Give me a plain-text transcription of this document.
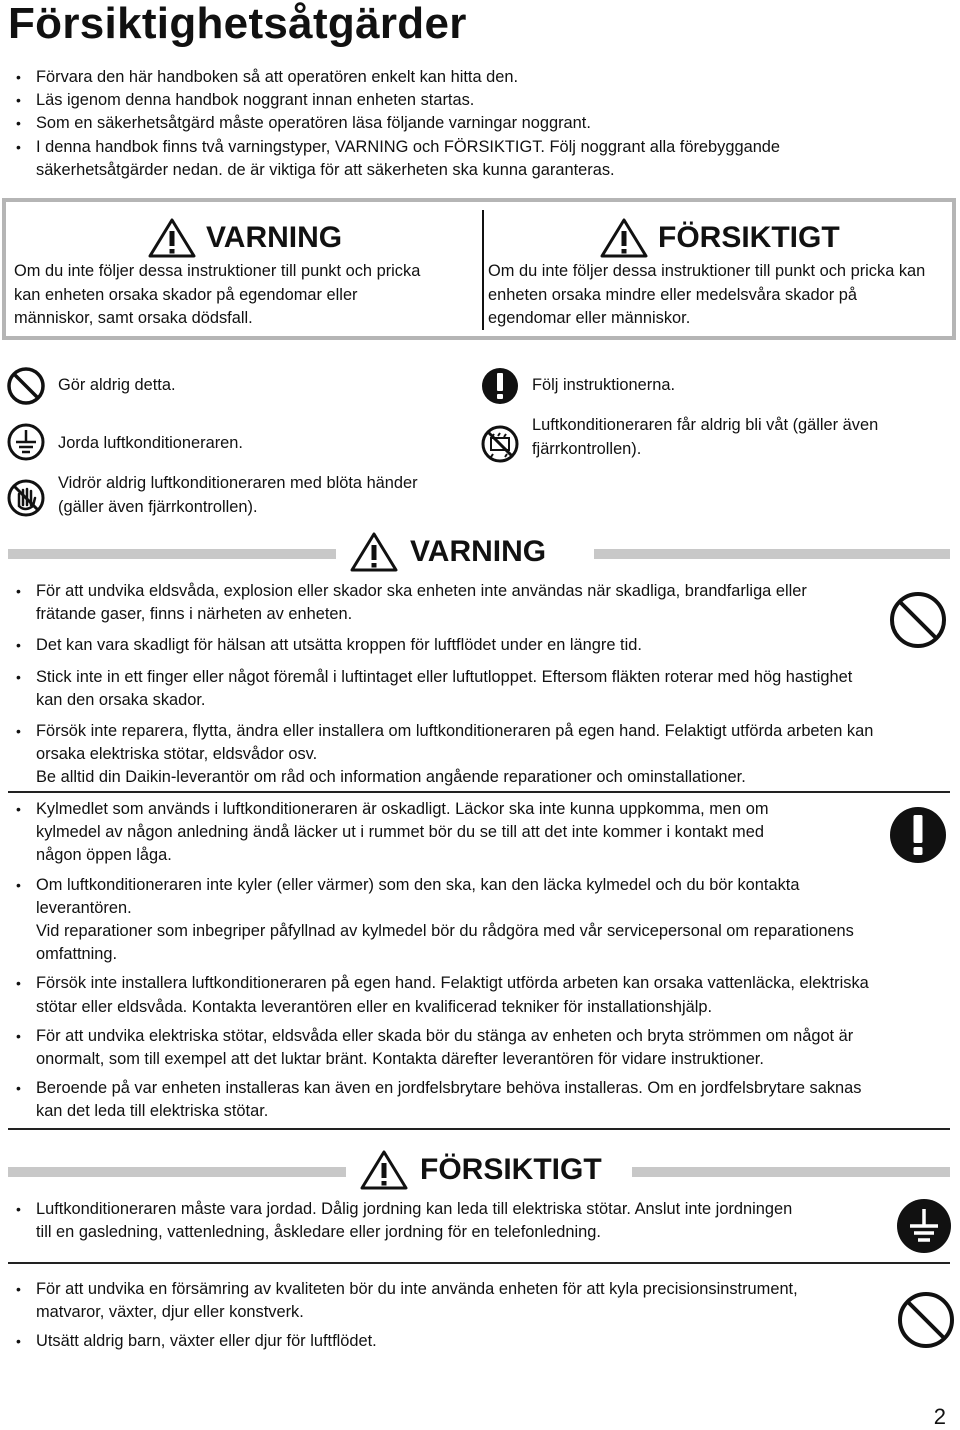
Försiktighetsåtgärder
• Förvara den här handboken så att operatören enkelt kan hitta den.
• Läs igenom denna handbok noggrant innan enheten startas.
• Som en säkerhetsåtgärd måste operatören läsa följande varningar noggrant.
• I denna handbok finns två varningstyper, VARNING och FÖRSIKTIGT. Följ noggrant alla förebyggande
säkerhetsåtgärder nedan. de är viktiga för att säkerheten ska kunna garanteras.
VARNING
Om du inte följer dessa instruktioner till punkt och pricka
kan enheten orsaka skador på egendomar eller
människor, samt orsaka dödsfall.
FÖRSIKTIGT
Om du inte följer dessa instruktioner till punkt och pricka kan
enheten orsaka mindre eller medelsvåra skador på
egendomar eller människor.
Gör aldrig detta.
Jorda luftkonditioneraren.
Vidrör aldrig luftkonditioneraren med blöta händer
(gäller även fjärrkontrollen).
Följ instruktionerna.
Luftkonditioneraren får aldrig bli våt (gäller även
fjärrkontrollen).
VARNING
• För att undvika eldsvåda, explosion eller skador ska enheten inte användas när skadliga, brandfarliga eller
frätande gaser, finns i närheten av enheten.
• Det kan vara skadligt för hälsan att utsätta kroppen för luftflödet under en längre tid.
• Stick inte in ett finger eller något föremål i luftintaget eller luftutloppet. Eftersom fläkten roterar med hög hastighet
kan den orsaka skador.
• Försök inte reparera, flytta, ändra eller installera om luftkonditioneraren på egen hand. Felaktigt utförda arbeten kan
orsaka elektriska stötar, eldsvådor osv.
Be alltid din Daikin-leverantör om råd och information angående reparationer och ominstallationer.
• Kylmedlet som används i luftkonditioneraren är oskadligt. Läckor ska inte kunna uppkomma, men om
kylmedel av någon anledning ändå läcker ut i rummet bör du se till att det inte kommer i kontakt med
någon öppen låga.
• Om luftkonditioneraren inte kyler (eller värmer) som den ska, kan den läcka kylmedel och du bör kontakta
leverantören.
Vid reparationer som inbegriper påfyllnad av kylmedel bör du rådgöra med vår servicepersonal om reparationens
omfattning.
• Försök inte installera luftkonditioneraren på egen hand. Felaktigt utförda arbeten kan orsaka vattenläcka, elektriska
stötar eller eldsvåda. Kontakta leverantören eller en kvalificerad tekniker för installationshjälp.
• För att undvika elektriska stötar, eldsvåda eller skada bör du stänga av enheten och bryta strömmen om något är
onormalt, som till exempel att det luktar bränt. Kontakta därefter leverantören för vidare instruktioner.
• Beroende på var enheten installeras kan även en jordfelsbrytare behöva installeras. Om en jordfelsbrytare saknas
kan det leda till elektriska stötar.
FÖRSIKTIGT
• Luftkonditioneraren måste vara jordad. Dålig jordning kan leda till elektriska stötar. Anslut inte jordningen
till en gasledning, vattenledning, åskledare eller jordning för en telefonledning.
• För att undvika en försämring av kvaliteten bör du inte använda enheten för att kyla precisionsinstrument,
matvaror, växter, djur eller konstverk.
• Utsätt aldrig barn, växter eller djur för luftflödet.
2
